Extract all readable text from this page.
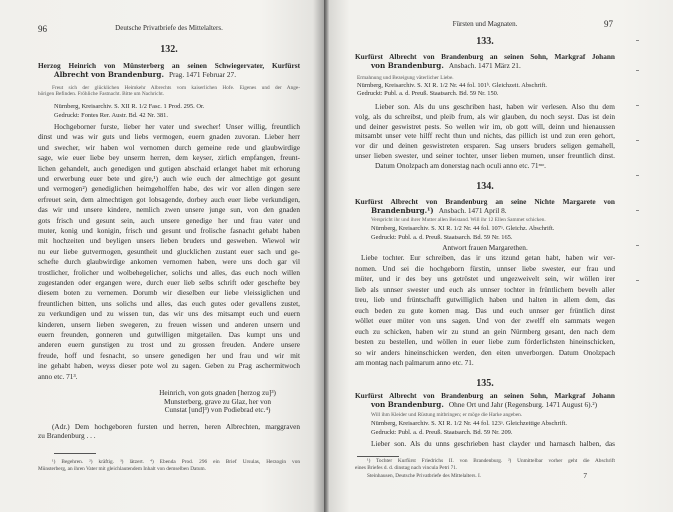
96	Deutsche Privatbriefe des Mittelalters.
132.
Herzog Heinrich von Münsterberg an seinen Schwiegervater, Kurfürst
Albrecht von Brandenburg. Prag. 1471 Februar 27.
Freut sich der glücklichen Heimkehr Albrechts vom kaiserlichen Hofe. Eigenes und der Ange-
hörigen Befinden. Fröhliche Fastnacht. Bitte um Nachricht.
Nürnberg, Kreisarchiv. S. XII R. 1/2 Fasc. 1 Prod. 295. Or.
Gedruckt: Fontes Rer. Austr. Bd. 42 Nr. 381.
Hochgeborner furste, lieber her vater und swecher! Unser willig, freuntlich
dinst und was wir guts und liebs vermogen, euern gnaden zuvoran. Lieber herr
und swecher, wir haben wol vernomen durch gemeine rede und glaubwirdige
sage, wie euer liebe bey unserm herren, dem keyser, zirlich empfangen, freunt-
lichen gehandelt, auch genedigen und gutigen abschaid erlanget habet mit erhorung
und erwerbung euer bete und gire,¹) auch wie euch der almechtige got gesunt
und vermogen²) genediglichen heimgeholffen habe, des wir vor allen dingen sere
erfreuet sein, dem almechtigen got lobsagende, dorbey auch euer liebe verkundigen,
das wir und unsere kindere, nemlich zwen unsere junge sun, von den gnaden
gots frisch und gesunt sein, auch unsere genedige her und frau vater und
muter, konig und konigin, frisch und gesunt und frolische fasnacht gehabt haben
mit hochzeiten und beyligen unsers lieben bruders und geswehen. Wiewol wir
nu eur liebe gutvermogen, gesuntheit und glucklichen zustant euer sach und ge-
schefte durch glaubwirdige ankomen vernomen haben, were uns doch gar vil
trostlicher, frolicher und wolbehegelicher, solichs und alles, das euch noch willen
zugestanden oder ergangen were, durch euer lieb selbs schrift oder geschefte bey
diesem boten zu vernemen. Dorumb wir dieselben eur liebe vleissiglichen und
freuntlichen bitten, uns solichs und alles, das euch gutes oder gevallens zustet,
zu verkundigen und zu wissen tun, das wir uns des mitsampt euch und euern
kinderen, unsern lieben swegeren, zu freuen wissen und anderen unsern und
euern freunden, gonneren und gutwilligen mitgetailen. Das kumpt uns und
anderen euern gunstigen zu trost und zu grossen freuden. Andere unsere
freude, hoff und fesnacht, so unsere genedigen her und frau und wir mit
ine gehabt haben, weyss dieser pote wol zu sagen. Geben zu Prag aschermitwoch
anno etc. 71³.
Heinrich, von gots gnaden [herzog zu]³)
Munsterberg, grave zu Glaz, her von
Cunstat [und]³) von Podiebrad etc.⁴)
(Adr.) Dem hochgeboren fursten und herren, heren Albrechten, marggraven
zu Brandenburg . . .
¹) Begehren. ²) kräftig. ³) lätzert. ⁴) Ebenda Prod. 296 ein Brief Ursulas, Herzogin von
Münsterberg, an ihren Vater mit gleichlautendem Inhalt von demselben Datum.
Fürsten und Magnaten.	97
133.
Kurfürst Albrecht von Brandenburg an seinen Sohn, Markgraf Johann
von Brandenburg. Ansbach. 1471 März 21.
Ermahnung und Bezeigung väterlicher Liebe.
Nürnberg, Kreisarchiv. S. XI R. 1/2 Nr. 44 fol. 101ᵇ. Gleichzeit. Abschrift.
Gedruckt: Publ. a. d. Preuß. Staatsarch. Bd. 59 Nr. 150.
Lieber son. Als du uns geschriben hast, haben wir verlesen. Also thu dem
volg, als du schreibst, und pleib frum, als wir glauben, du noch seyst. Das ist dein
und deiner geswistret pests. So wellen wir im, ob gott will, deinn und hienaussen
mitsambt unser vete hilff recht thun und nichts, das pillich ist und zun eren gehort,
vor dir und deinen geswistreten ersparen. Sag unsers bruders seligen gemahell,
unser lieben swester, und seiner tochter, unser lieben mumen, unser freuntlich dinst.
Datum Onolzpach am donerstag nach oculi anno etc. 71ᵐᵒ.
134.
Kurfürst Albrecht von Brandenburg an seine Nichte Margarete von
Brandenburg.¹) Ansbach. 1471 April 8.
Verspricht ihr und ihrer Mutter allen Beistand. Will ihr 12 Ellen Sammet schicken.
Nürnberg, Kreisarchiv. S. XI R. 1/2 Nr. 44 fol. 107ᵃ. Gleichz. Abschrift.
Gedruckt: Publ. a. d. Preuß. Staatsarch. Bd. 59 Nr. 165.
Antwort frauen Margarethen.
Liebe tochter. Eur schreiben, das ir uns itzund getan habt, haben wir ver-
nomen. Und sei die hochgeborn fürstin, unnser liebe swester, eur frau und
müter, und ir des bey uns getröstet und ungezweivelt sein, wir wöllen irer
lieb als unnser swester und euch als unnser tochter in früntlichem bevelh aller
treu, lieb und früntschafft gutwilliglich haben und halten in allem dem, das
euch beden zu gute komen mag. Das und euch unnser ger früntlich dinst
wöllet euer müter von uns sagen. Und von der zwelff eln sammats wegen
euch zu schicken, haben wir zu stund an gein Nürmberg gesant, den nach dem
besten zu bestellen, und wöllen in euer liebe zum förderlichsten hineinschicken,
so wir anders hineinschicken werden, den eiten unverborgen. Datum Onolzpach
am montag nach palmarum anno etc. 71.
135.
Kurfürst Albrecht von Brandenburg an seinen Sohn, Markgraf Johann
von Brandenburg. Ohne Ort und Jahr (Regensburg. 1471 August 6).²)
Will ihm Kleider und Rüstung mitbringen; er möge die Harke angeben.
Nürnberg, Kreisarchiv. S. XI R. 1/2 Nr. 44 fol. 123ᵃ. Gleichzeitige Abschrift.
Gedruckt: Publ. a. d. Preuß. Staatsarch. Bd. 59 Nr. 209.
Lieber son. Als du unns geschrieben hast clayder und harnasch halben, das
¹) Tochter Kurfürst Friedrichs II. von Brandenburg. ²) Unmittelbar vorher geht die Abschrift
eines Briefes d. d. dinstag nach vincula Petri 71.
Steinhausen, Deutsche Privatbriefe des Mittelalters. I.	7
